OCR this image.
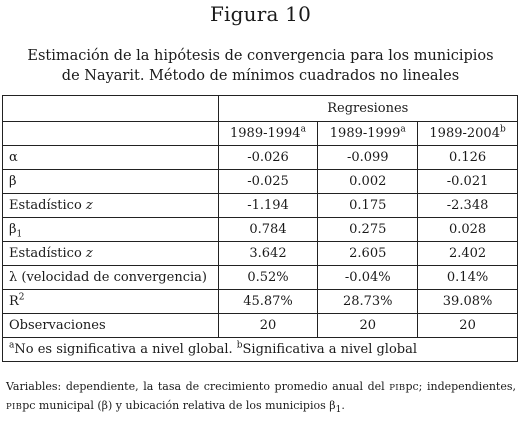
Figura 10
Estimación de la hipótesis de convergencia para los municipios
de Nayarit. Método de mínimos cuadrados no lineales
	Regresiones		
	1989-1994$^a$	1989-1999$^a$	1989-2004$^b$
α	-0.026	-0.099	0.126
β	-0.025	0.002	-0.021
Estadístico z	-1.194	0.175	-2.348
$\beta_1$	0.784	0.275	0.028
Estadístico z	3.642	2.605	2.402
λ (velocidad de convergencia)	0.52%	-0.04%	0.14%
$R^2$	45.87%	28.73%	39.08%
Observaciones	20	20	20
$^a$No es significativa a nivel global. $^b$Significativa a nivel global			
Variables: dependiente, la tasa de crecimiento promedio anual del PIBpc; independientes, PIBpc municipal (β) y ubicación relativa de los municipios $\beta_1$.
